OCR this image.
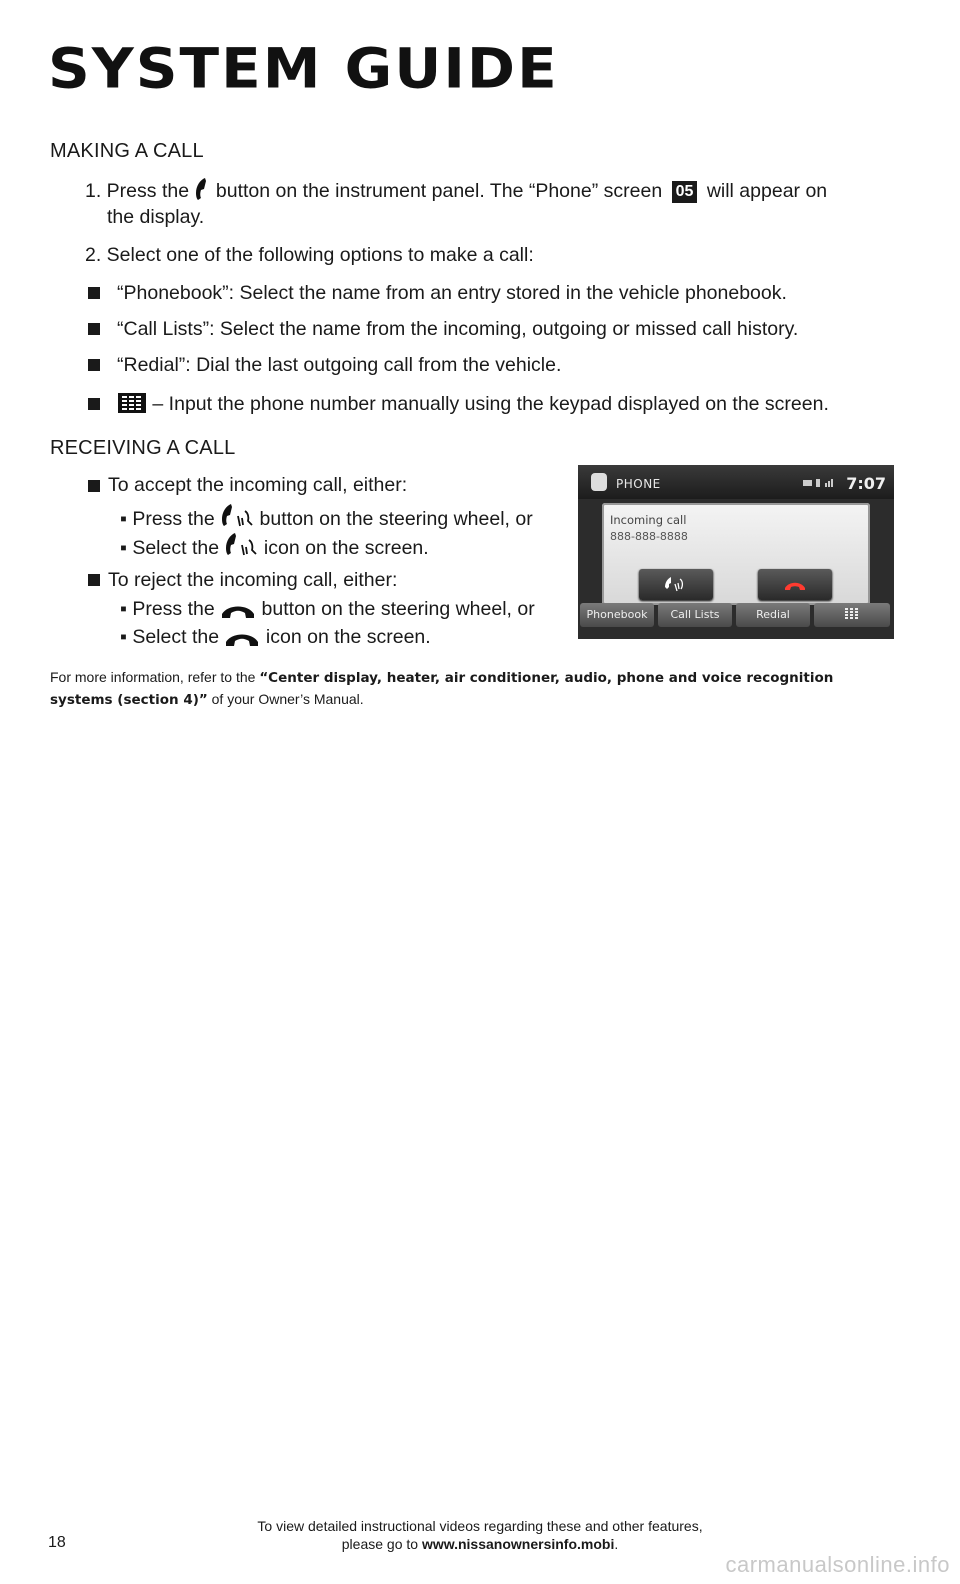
SYSTEM GUIDE
MAKING A CALL
1. Press the button on the instrument panel. The “Phone” screen 05 will appear on
the display.
2. Select one of the following options to make a call:
“Phonebook”: Select the name from an entry stored in the vehicle phonebook.
“Call Lists”: Select the name from the incoming, outgoing or missed call history.
“Redial”: Dial the last outgoing call from the vehicle.
– Input the phone number manually using the keypad displayed on the screen.
RECEIVING A CALL
To accept the incoming call, either:
▪ Press the button on the steering wheel, or
▪ Select the icon on the screen.
To reject the incoming call, either:
▪ Press the button on the steering wheel, or
▪ Select the icon on the screen.
PHONE	7:07
Incoming call
888-888-8888
Phonebook	Call Lists	Redial
For more information, refer to the “Center display, heater, air conditioner, audio, phone and voice recognition systems (section 4)” of your Owner’s Manual.
To view detailed instructional videos regarding these and other features,
please go to www.nissanownersinfo.mobi.
18
carmanualsonline.info
